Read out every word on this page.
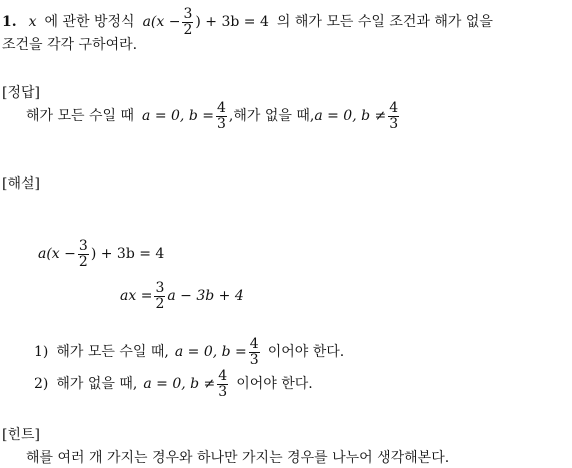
1. x 에 관한 방정식 $a(x - \frac{3}{2}$ ) + 3b = 4 의 해가 모든 수일 조건과 해가 없을
조건을 각각 구하여라.
[정답]
해가 모든 수일 때 a = 0, $b = \frac{4}{3}$ ,해가 없을 때, a = 0, $b \ne \frac{4}{3}$
[해설]
$a(x - \frac{3}{2}$ ) + 3b = 4
ax = $\frac{3}{2}$ a − 3b + 4
1) 해가 모든 수일 때, a = 0, $b = \frac{4}{3}$ 이어야 한다.
2) 해가 없을 때, a = 0, $b \ne \frac{4}{3}$ 이어야 한다.
[힌트]
해를 여러 개 가지는 경우와 하나만 가지는 경우를 나누어 생각해본다.
